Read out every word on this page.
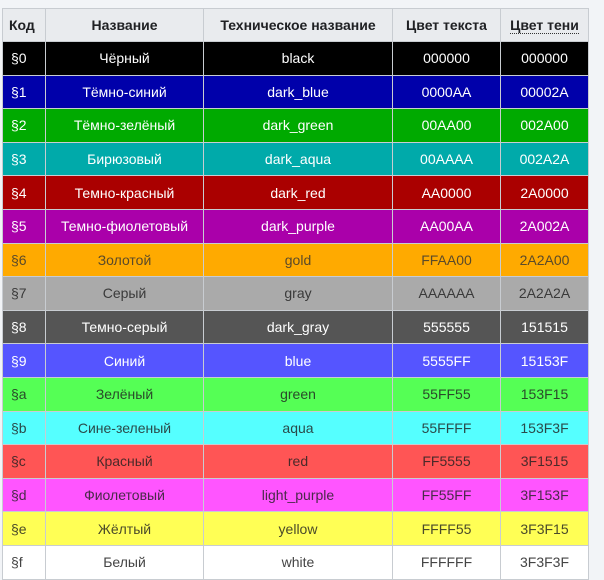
Код	Название	Техническое название	Цвет текста	Цвет тени
§0	Чёрный	black	000000	000000
§1	Тёмно-синий	dark_blue	0000AA	00002A
§2	Тёмно-зелёный	dark_green	00AA00	002A00
§3	Бирюзовый	dark_aqua	00AAAA	002A2A
§4	Темно-красный	dark_red	AA0000	2A0000
§5	Темно-фиолетовый	dark_purple	AA00AA	2A002A
§6	Золотой	gold	FFAA00	2A2A00
§7	Серый	gray	AAAAAA	2A2A2A
§8	Темно-серый	dark_gray	555555	151515
§9	Синий	blue	5555FF	15153F
§a	Зелёный	green	55FF55	153F15
§b	Сине-зеленый	aqua	55FFFF	153F3F
§c	Красный	red	FF5555	3F1515
§d	Фиолетовый	light_purple	FF55FF	3F153F
§e	Жёлтый	yellow	FFFF55	3F3F15
§f	Белый	white	FFFFFF	3F3F3F
